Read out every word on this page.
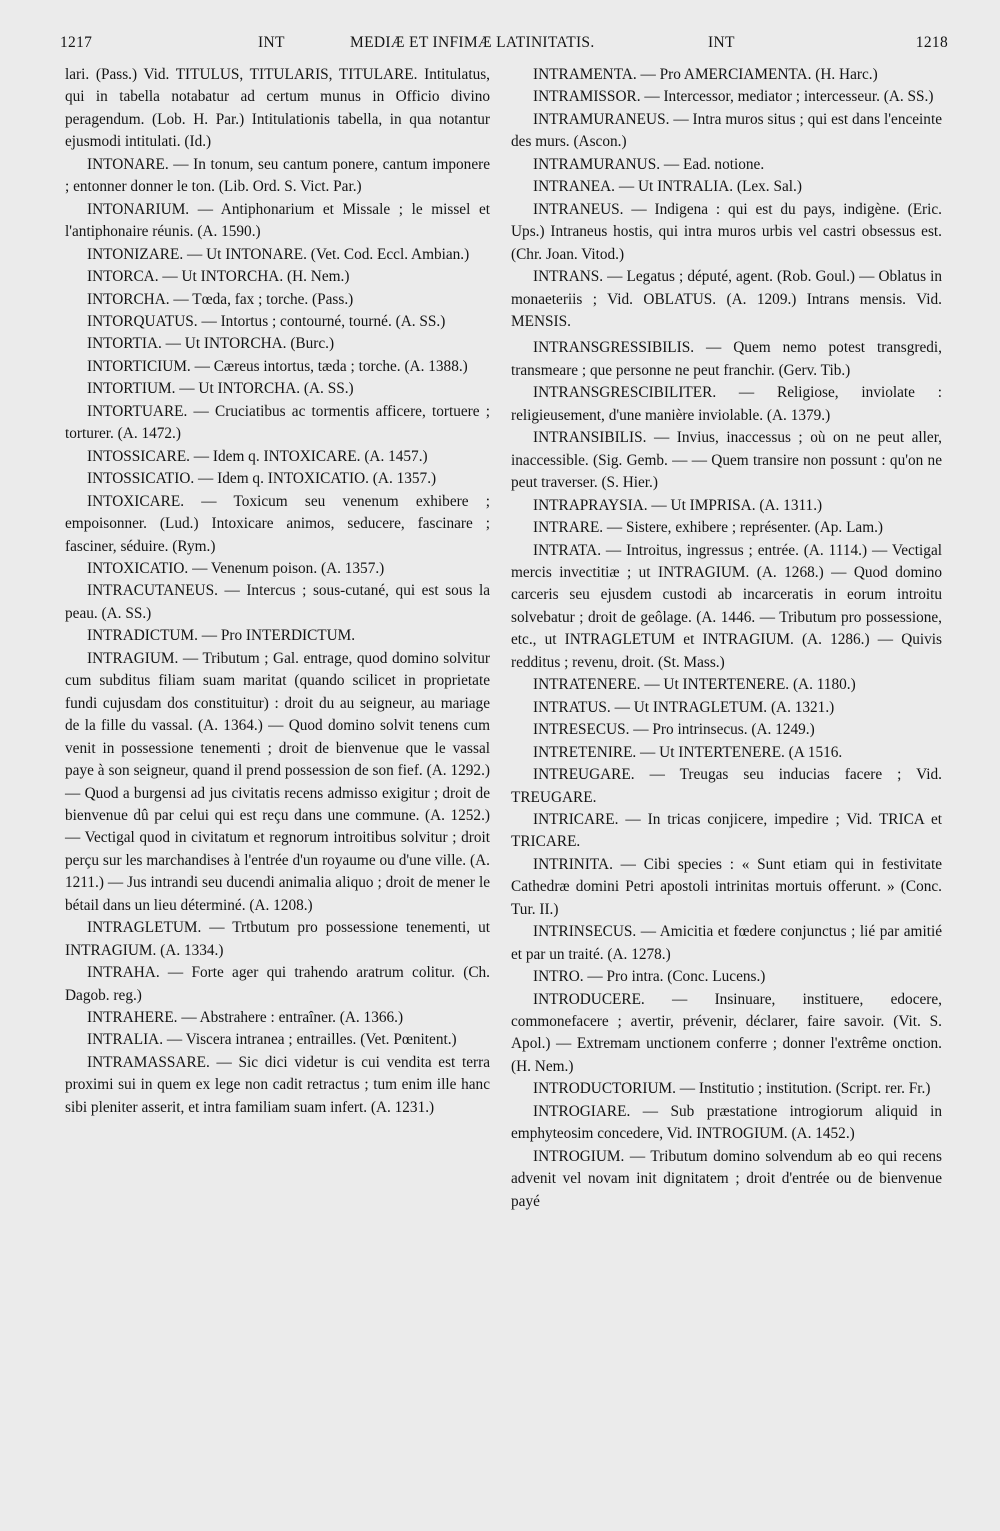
1217	INT	MEDIÆ ET INFIMÆ LATINITATIS.	INT	1218

lari. (Pass.) Vid. TITULUS, TITULARIS, TITULARE. Intitulatus, qui in tabella notabatur ad certum munus in Officio divino peragendum. (Lob. H. Par.) Intitulationis tabella, in qua notantur ejusmodi intitulati. (Id.)

INTONARE. — In tonum, seu cantum ponere, cantum imponere ; entonner donner le ton. (Lib. Ord. S. Vict. Par.)

INTONARIUM. — Antiphonarium et Missale ; le missel et l'antiphonaire réunis. (A. 1590.)

INTONIZARE. — Ut INTONARE. (Vet. Cod. Eccl. Ambian.)

INTORCA. — Ut INTORCHA. (H. Nem.)

INTORCHA. — Tœda, fax ; torche. (Pass.)

INTORQUATUS. — Intortus ; contourné, tourné. (A. SS.)

INTORTIA. — Ut INTORCHA. (Burc.)

INTORTICIUM. — Cæreus intortus, tæda ; torche. (A. 1388.)

INTORTIUM. — Ut INTORCHA. (A. SS.)

INTORTUARE. — Cruciatibus ac tormentis afficere, tortuere ; torturer. (A. 1472.)

INTOSSICARE. — Idem q. INTOXICARE. (A. 1457.)

INTOSSICATIO. — Idem q. INTOXICATIO. (A. 1357.)

INTOXICARE. — Toxicum seu venenum exhibere ; empoisonner. (Lud.) Intoxicare animos, seducere, fascinare ; fasciner, séduire. (Rym.)

INTOXICATIO. — Venenum poison. (A. 1357.)

INTRACUTANEUS. — Intercus ; sous-cutané, qui est sous la peau. (A. SS.)

INTRADICTUM. — Pro INTERDICTUM.

INTRAGIUM. — Tributum ; Gal. entrage, quod domino solvitur cum subditus filiam suam maritat (quando scilicet in proprietate fundi cujusdam dos constituitur) : droit du au seigneur, au mariage de la fille du vassal. (A. 1364.) — Quod domino solvit tenens cum venit in possessione tenementi ; droit de bienvenue que le vassal paye à son seigneur, quand il prend possession de son fief. (A. 1292.) — Quod a burgensi ad jus civitatis recens admisso exigitur ; droit de bienvenue dû par celui qui est reçu dans une commune. (A. 1252.) — Vectigal quod in civitatum et regnorum introitibus solvitur ; droit perçu sur les marchandises à l'entrée d'un royaume ou d'une ville. (A. 1211.) — Jus intrandi seu ducendi animalia aliquo ; droit de mener le bétail dans un lieu déterminé. (A. 1208.)

INTRAGLETUM. — Trtbutum pro possessione tenementi, ut INTRAGIUM. (A. 1334.)

INTRAHA. — Forte ager qui trahendo aratrum colitur. (Ch. Dagob. reg.)

INTRAHERE. — Abstrahere : entraîner. (A. 1366.)

INTRALIA. — Viscera intranea ; entrailles. (Vet. Pœnitent.)

INTRAMASSARE. — Sic dici videtur is cui vendita est terra proximi sui in quem ex lege non cadit retractus ; tum enim ille hanc sibi pleniter asserit, et intra familiam suam infert. (A. 1231.)

INTRAMENTA. — Pro AMERCIAMENTA. (H. Harc.)

INTRAMISSOR. — Intercessor, mediator ; intercesseur. (A. SS.)

INTRAMURANEUS. — Intra muros situs ; qui est dans l'enceinte des murs. (Ascon.)

INTRAMURANUS. — Ead. notione.

INTRANEA. — Ut INTRALIA. (Lex. Sal.)

INTRANEUS. — Indigena : qui est du pays, indigène. (Eric. Ups.) Intraneus hostis, qui intra muros urbis vel castri obsessus est. (Chr. Joan. Vitod.)

INTRANS. — Legatus ; député, agent. (Rob. Goul.) — Oblatus in monaeteriis ; Vid. OBLATUS. (A. 1209.) Intrans mensis. Vid. MENSIS.

INTRANSGRESSIBILIS. — Quem nemo potest transgredi, transmeare ; que personne ne peut franchir. (Gerv. Tib.)

INTRANSGRESCIBILITER. — Religiose, inviolate : religieusement, d'une manière inviolable. (A. 1379.)

INTRANSIBILIS. — Invius, inaccessus ; où on ne peut aller, inaccessible. (Sig. Gemb. — — Quem transire non possunt : qu'on ne peut traverser. (S. Hier.)

INTRAPRAYSIA. — Ut IMPRISA. (A. 1311.)

INTRARE. — Sistere, exhibere ; représenter. (Ap. Lam.)

INTRATA. — Introitus, ingressus ; entrée. (A. 1114.) — Vectigal mercis invectitiæ ; ut INTRAGIUM. (A. 1268.) — Quod domino carceris seu ejusdem custodi ab incarceratis in eorum introitu solvebatur ; droit de geôlage. (A. 1446. — Tributum pro possessione, etc., ut INTRAGLETUM et INTRAGIUM. (A. 1286.) — Quivis redditus ; revenu, droit. (St. Mass.)

INTRATENERE. — Ut INTERTENERE. (A. 1180.)

INTRATUS. — Ut INTRAGLETUM. (A. 1321.)

INTRESECUS. — Pro intrinsecus. (A. 1249.)

INTRETENIRE. — Ut INTERTENERE. (A 1516.

INTREUGARE. — Treugas seu inducias facere ; Vid. TREUGARE.

INTRICARE. — In tricas conjicere, impedire ; Vid. TRICA et TRICARE.

INTRINITA. — Cibi species : « Sunt etiam qui in festivitate Cathedræ domini Petri apostoli intrinitas mortuis offerunt. » (Conc. Tur. II.)

INTRINSECUS. — Amicitia et fœdere conjunctus ; lié par amitié et par un traité. (A. 1278.)

INTRO. — Pro intra. (Conc. Lucens.)

INTRODUCERE. — Insinuare, instituere, edocere, commonefacere ; avertir, prévenir, déclarer, faire savoir. (Vit. S. Apol.) — Extremam unctionem conferre ; donner l'extrême onction. (H. Nem.)

INTRODUCTORIUM. — Institutio ; institution. (Script. rer. Fr.)

INTROGIARE. — Sub præstatione introgiorum aliquid in emphyteosim concedere, Vid. INTROGIUM. (A. 1452.)

INTROGIUM. — Tributum domino solvendum ab eo qui recens advenit vel novam init dignitatem ; droit d'entrée ou de bienvenue payé
